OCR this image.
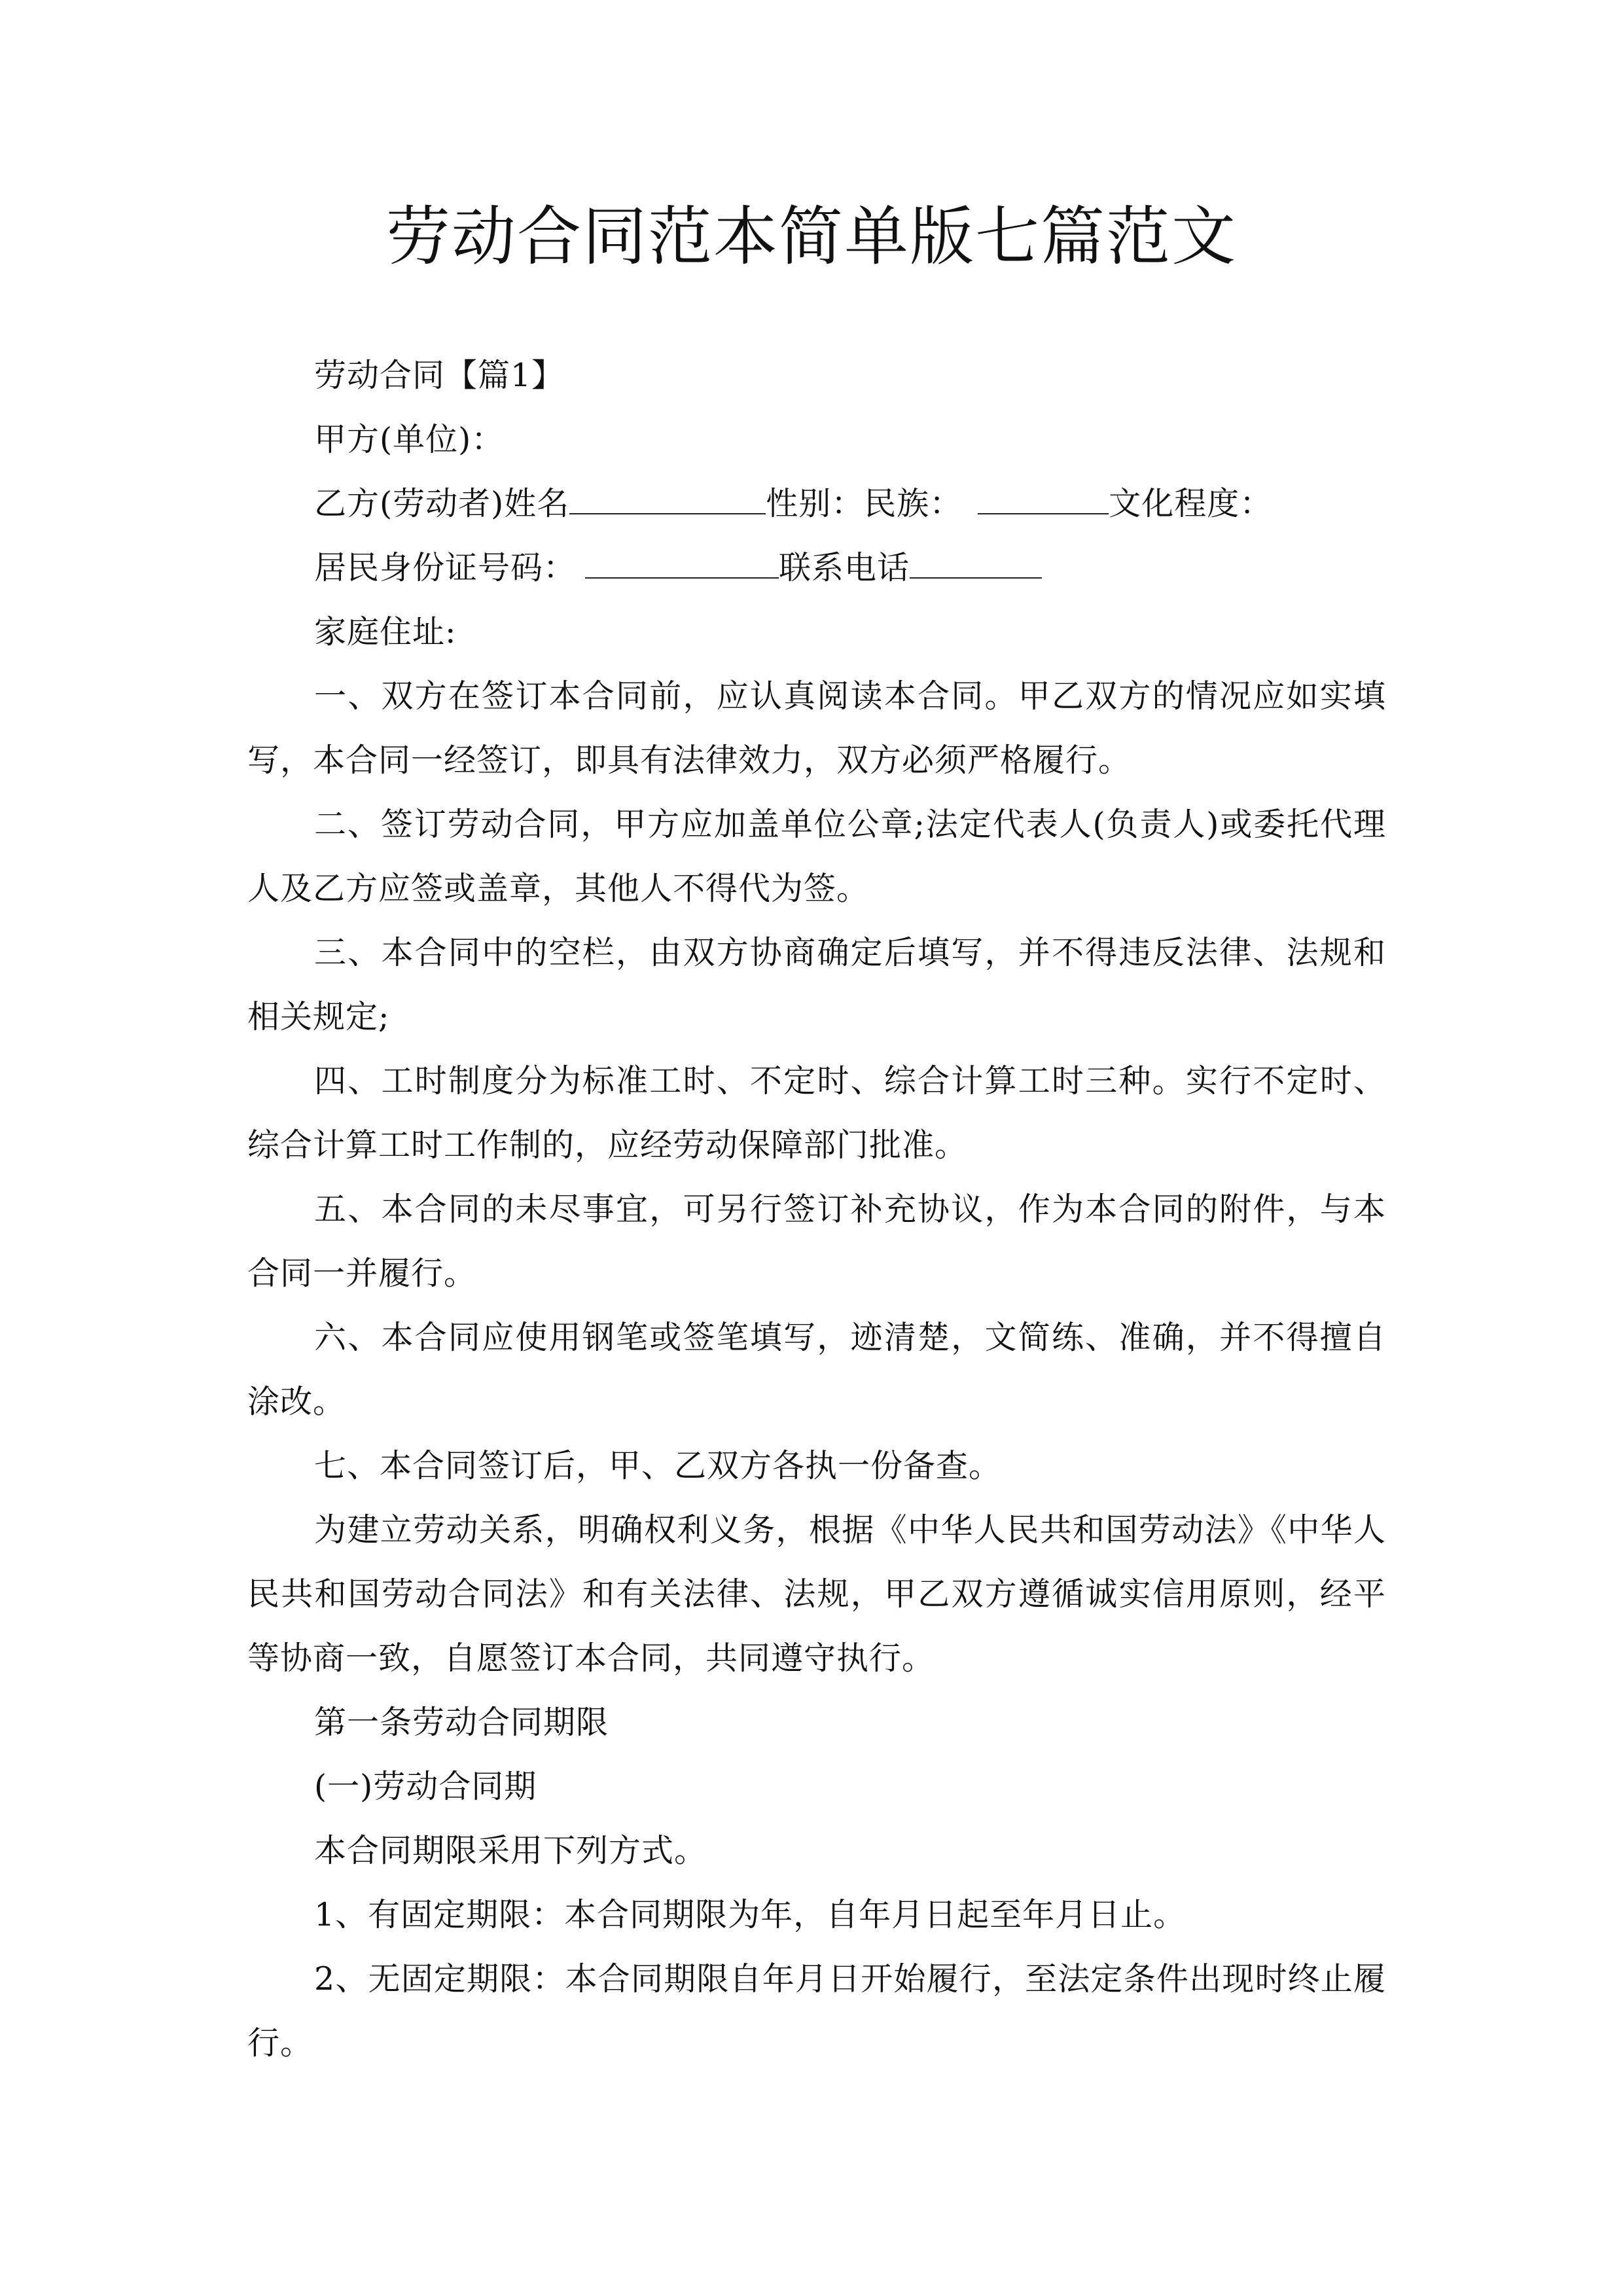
劳动合同范本简单版七篇范文

劳动合同【篇1】

甲方(单位)：

乙方(劳动者)姓名	性别：民族：	文化程度：

居民身份证号码：	联系电话

家庭住址:

一、双方在签订本合同前，应认真阅读本合同。甲乙双方的情况应如实填写，本合同一经签订，即具有法律效力，双方必须严格履行。

二、签订劳动合同，甲方应加盖单位公章;法定代表人(负责人)或委托代理人及乙方应签或盖章，其他人不得代为签。

三、本合同中的空栏，由双方协商确定后填写，并不得违反法律、法规和相关规定;

四、工时制度分为标准工时、不定时、综合计算工时三种。实行不定时、综合计算工时工作制的，应经劳动保障部门批准。

五、本合同的未尽事宜，可另行签订补充协议，作为本合同的附件，与本合同一并履行。

六、本合同应使用钢笔或签笔填写，迹清楚，文简练、准确，并不得擅自涂改。

七、本合同签订后，甲、乙双方各执一份备查。

为建立劳动关系，明确权利义务，根据《中华人民共和国劳动法》《中华人民共和国劳动合同法》和有关法律、法规，甲乙双方遵循诚实信用原则，经平等协商一致，自愿签订本合同，共同遵守执行。

第一条劳动合同期限

(一)劳动合同期

本合同期限采用下列方式。

1、有固定期限：本合同期限为年，自年月日起至年月日止。

2、无固定期限：本合同期限自年月日开始履行，至法定条件出现时终止履行。
